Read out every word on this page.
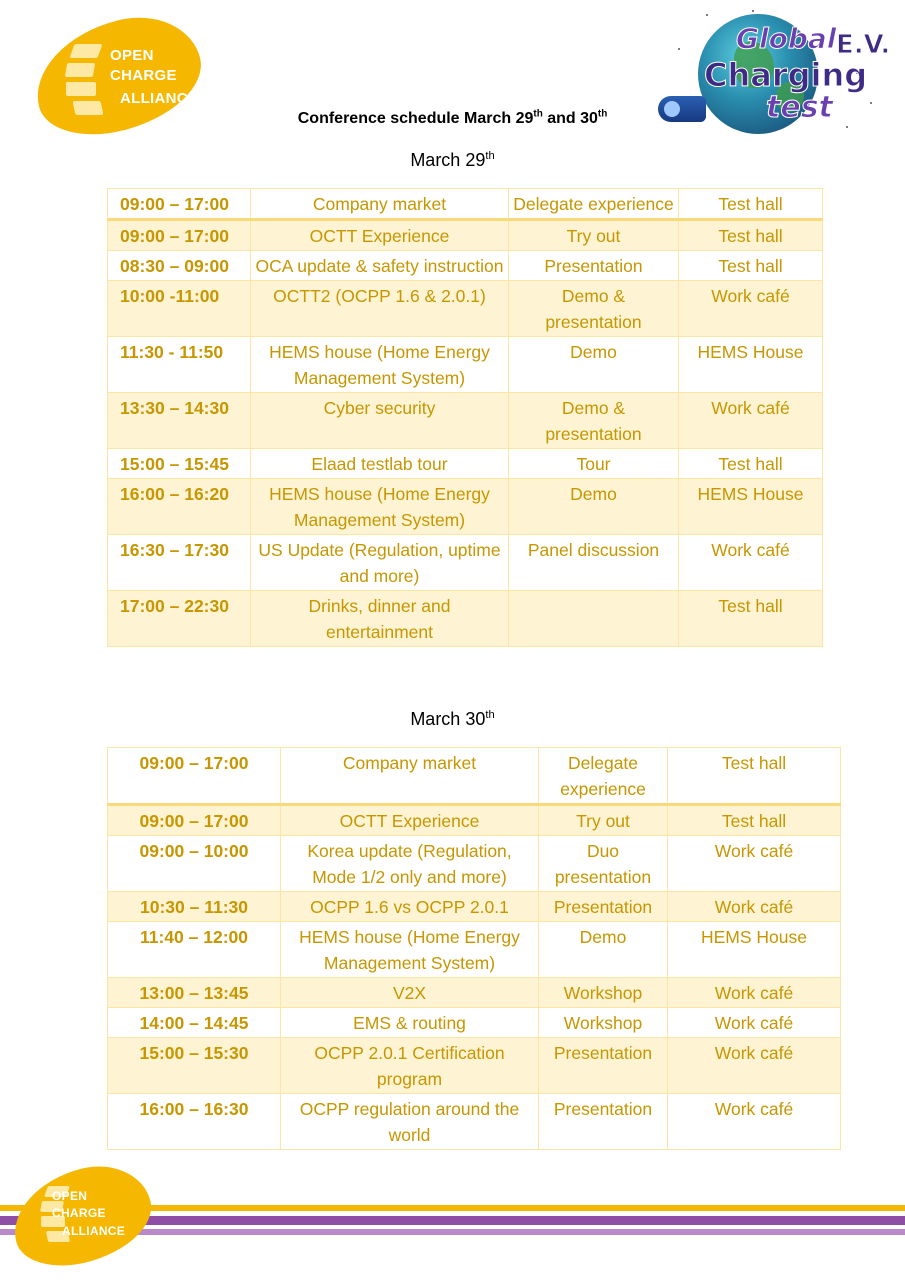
OPEN
CHARGE
ALLIANCE
Global E.V.
Charging
test
Conference schedule March 29th and 30th
March 29th
09:00 – 17:00	Company market	Delegate experience	Test hall
09:00 – 17:00	OCTT Experience	Try out	Test hall
08:30 – 09:00	OCA update & safety instruction	Presentation	Test hall
10:00 -11:00	OCTT2 (OCPP 1.6 & 2.0.1)	Demo & presentation	Work café
11:30 - 11:50	HEMS house (Home Energy Management System)	Demo	HEMS House
13:30 – 14:30	Cyber security	Demo & presentation	Work café
15:00 – 15:45	Elaad testlab tour	Tour	Test hall
16:00 – 16:20	HEMS house (Home Energy Management System)	Demo	HEMS House
16:30 – 17:30	US Update (Regulation, uptime and more)	Panel discussion	Work café
17:00 – 22:30	Drinks, dinner and entertainment		Test hall
March 30th
09:00 – 17:00	Company market	Delegate experience	Test hall
09:00 – 17:00	OCTT Experience	Try out	Test hall
09:00 – 10:00	Korea update (Regulation, Mode 1/2 only and more)	Duo presentation	Work café
10:30 – 11:30	OCPP 1.6 vs OCPP 2.0.1	Presentation	Work café
11:40 – 12:00	HEMS house (Home Energy Management System)	Demo	HEMS House
13:00 – 13:45	V2X	Workshop	Work café
14:00 – 14:45	EMS & routing	Workshop	Work café
15:00 – 15:30	OCPP 2.0.1 Certification program	Presentation	Work café
16:00 – 16:30	OCPP regulation around the world	Presentation	Work café
OPEN
CHARGE
ALLIANCE
